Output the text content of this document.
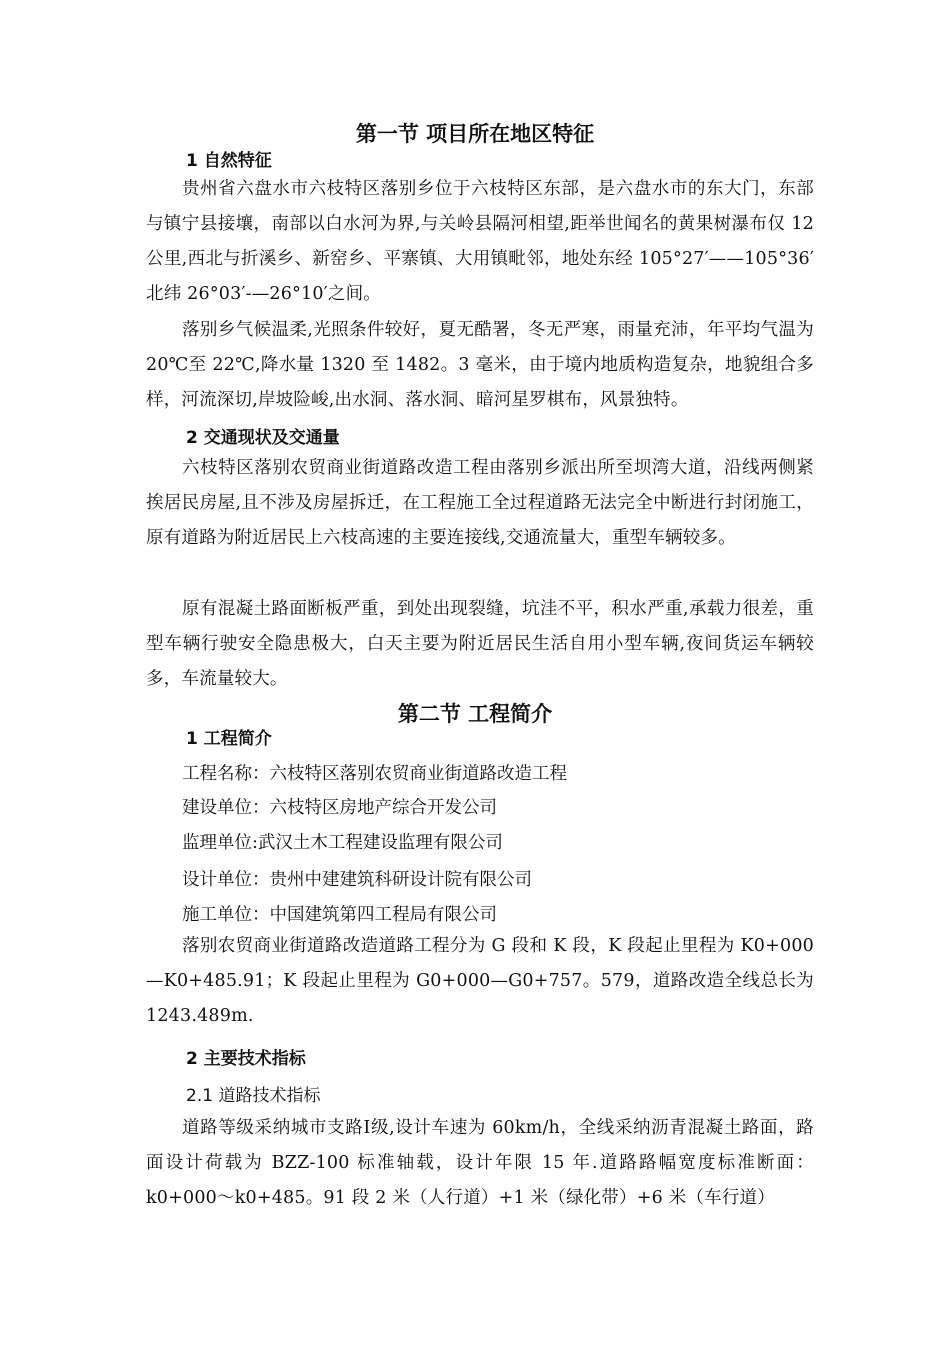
第一节 项目所在地区特征
1 自然特征
贵州省六盘水市六枝特区落别乡位于六枝特区东部，是六盘水市的东大门，东部与镇宁县接壤，南部以白水河为界,与关岭县隔河相望,距举世闻名的黄果树瀑布仅 12 公里,西北与折溪乡、新窑乡、平寨镇、大用镇毗邻，地处东经 105°27′——105°36′北纬 26°03′-—26°10′之间。
落别乡气候温柔,光照条件较好，夏无酷署，冬无严寒，雨量充沛，年平均气温为 20℃至 22℃,降水量 1320 至 1482。3 毫米，由于境内地质构造复杂，地貌组合多样，河流深切,岸坡险峻,出水洞、落水洞、暗河星罗棋布，风景独特。
2 交通现状及交通量
六枝特区落别农贸商业街道路改造工程由落别乡派出所至坝湾大道，沿线两侧紧挨居民房屋,且不涉及房屋拆迁，在工程施工全过程道路无法完全中断进行封闭施工，原有道路为附近居民上六枝高速的主要连接线,交通流量大，重型车辆较多。
原有混凝土路面断板严重，到处出现裂缝，坑洼不平，积水严重,承载力很差，重型车辆行驶安全隐患极大，白天主要为附近居民生活自用小型车辆,夜间货运车辆较多，车流量较大。
第二节 工程简介
1 工程简介
工程名称：六枝特区落别农贸商业街道路改造工程
建设单位：六枝特区房地产综合开发公司
监理单位:武汉土木工程建设监理有限公司
设计单位：贵州中建建筑科研设计院有限公司
施工单位：中国建筑第四工程局有限公司
落别农贸商业街道路改造道路工程分为 G 段和 K 段，K 段起止里程为 K0+000—K0+485.91；K 段起止里程为 G0+000—G0+757。579，道路改造全线总长为 1243.489m.
2 主要技术指标
2.1 道路技术指标
道路等级采纳城市支路Ⅰ级,设计车速为 60km/h，全线采纳沥青混凝土路面，路面设计荷载为 BZZ-100 标准轴载，设计年限 15 年.道路路幅宽度标准断面：k0+000～k0+485。91 段 2 米（人行道）+1 米（绿化带）+6 米（车行道）
